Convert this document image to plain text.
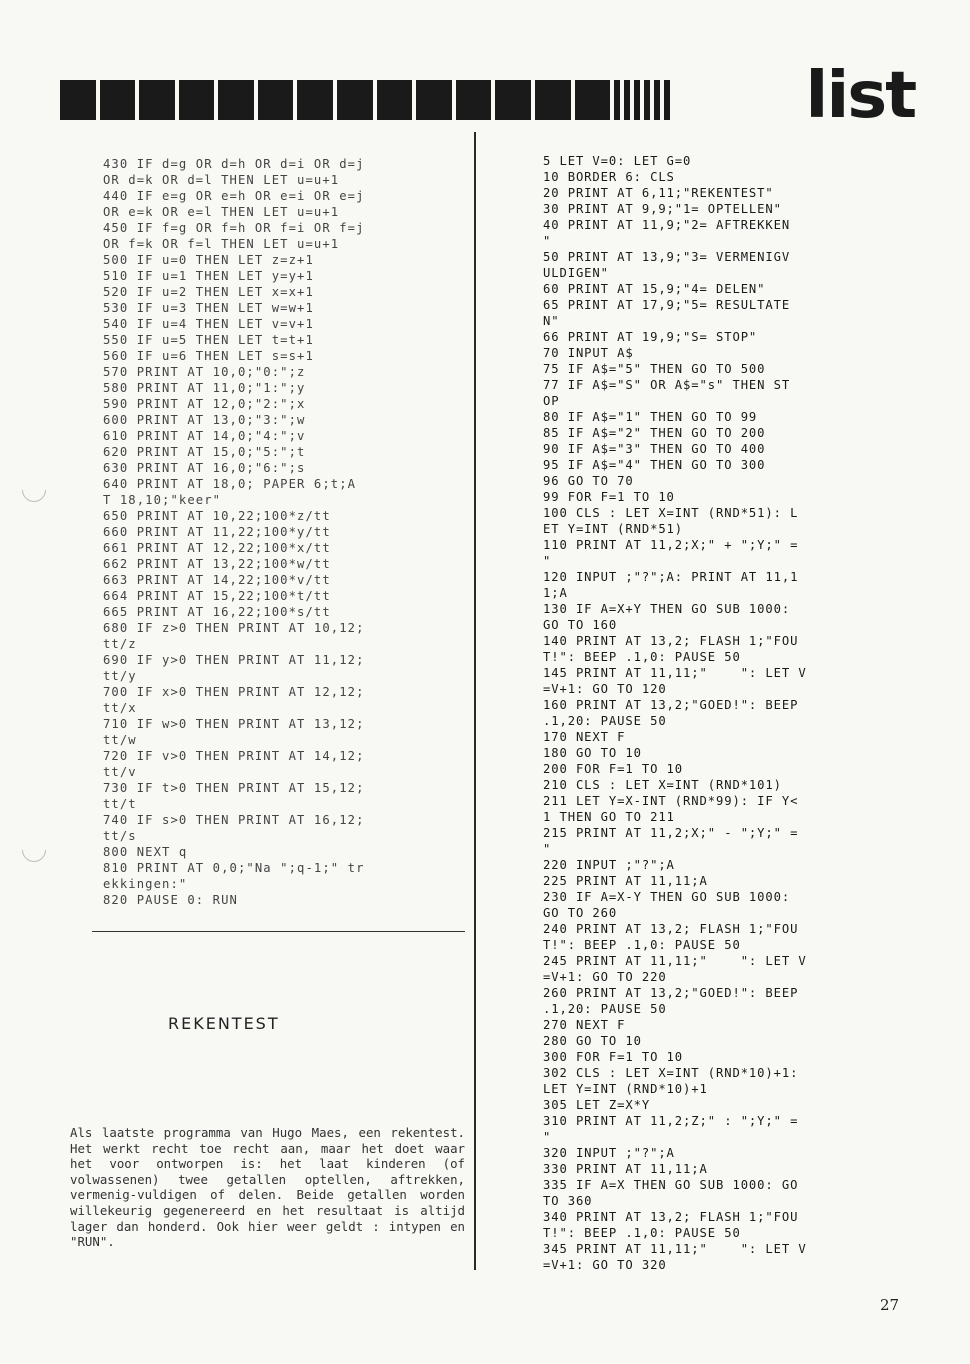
list
430 IF d=g OR d=h OR d=i OR d=j
OR d=k OR d=l THEN LET u=u+1
440 IF e=g OR e=h OR e=i OR e=j
OR e=k OR e=l THEN LET u=u+1
450 IF f=g OR f=h OR f=i OR f=j
OR f=k OR f=l THEN LET u=u+1
500 IF u=0 THEN LET z=z+1
510 IF u=1 THEN LET y=y+1
520 IF u=2 THEN LET x=x+1
530 IF u=3 THEN LET w=w+1
540 IF u=4 THEN LET v=v+1
550 IF u=5 THEN LET t=t+1
560 IF u=6 THEN LET s=s+1
570 PRINT AT 10,0;"0:";z
580 PRINT AT 11,0;"1:";y
590 PRINT AT 12,0;"2:";x
600 PRINT AT 13,0;"3:";w
610 PRINT AT 14,0;"4:";v
620 PRINT AT 15,0;"5:";t
630 PRINT AT 16,0;"6:";s
640 PRINT AT 18,0; PAPER 6;t;A
T 18,10;"keer"
650 PRINT AT 10,22;100*z/tt
660 PRINT AT 11,22;100*y/tt
661 PRINT AT 12,22;100*x/tt
662 PRINT AT 13,22;100*w/tt
663 PRINT AT 14,22;100*v/tt
664 PRINT AT 15,22;100*t/tt
665 PRINT AT 16,22;100*s/tt
680 IF z>0 THEN PRINT AT 10,12;
tt/z
690 IF y>0 THEN PRINT AT 11,12;
tt/y
700 IF x>0 THEN PRINT AT 12,12;
tt/x
710 IF w>0 THEN PRINT AT 13,12;
tt/w
720 IF v>0 THEN PRINT AT 14,12;
tt/v
730 IF t>0 THEN PRINT AT 15,12;
tt/t
740 IF s>0 THEN PRINT AT 16,12;
tt/s
800 NEXT q
810 PRINT AT 0,0;"Na ";q-1;" tr
ekkingen:"
820 PAUSE 0: RUN
REKENTEST

Als laatste programma van Hugo Maes, een rekentest. Het werkt recht toe recht aan, maar het doet waar het voor ontworpen is: het laat kinderen (of volwassenen) twee getallen optellen, aftrekken, vermenig-vuldigen of delen. Beide getallen worden willekeurig gegenereerd en het resultaat is altijd lager dan honderd. Ook hier weer geldt : intypen en "RUN".

5 LET V=0: LET G=0
10 BORDER 6: CLS
20 PRINT AT 6,11;"REKENTEST"
30 PRINT AT 9,9;"1= OPTELLEN"
40 PRINT AT 11,9;"2= AFTREKKEN
"
50 PRINT AT 13,9;"3= VERMENIGV
ULDIGEN"
60 PRINT AT 15,9;"4= DELEN"
65 PRINT AT 17,9;"5= RESULTATE
N"
66 PRINT AT 19,9;"S= STOP"
70 INPUT A$
75 IF A$="5" THEN GO TO 500
77 IF A$="S" OR A$="s" THEN ST
OP
80 IF A$="1" THEN GO TO 99
85 IF A$="2" THEN GO TO 200
90 IF A$="3" THEN GO TO 400
95 IF A$="4" THEN GO TO 300
96 GO TO 70
99 FOR F=1 TO 10
100 CLS : LET X=INT (RND*51): L
ET Y=INT (RND*51)
110 PRINT AT 11,2;X;" + ";Y;" =
"
120 INPUT ;"?";A: PRINT AT 11,1
1;A
130 IF A=X+Y THEN GO SUB 1000:
GO TO 160
140 PRINT AT 13,2; FLASH 1;"FOU
T!": BEEP .1,0: PAUSE 50
145 PRINT AT 11,11;"    ": LET V
=V+1: GO TO 120
160 PRINT AT 13,2;"GOED!": BEEP
.1,20: PAUSE 50
170 NEXT F
180 GO TO 10
200 FOR F=1 TO 10
210 CLS : LET X=INT (RND*101)
211 LET Y=X-INT (RND*99): IF Y<
1 THEN GO TO 211
215 PRINT AT 11,2;X;" - ";Y;" =
"
220 INPUT ;"?";A
225 PRINT AT 11,11;A
230 IF A=X-Y THEN GO SUB 1000:
GO TO 260
240 PRINT AT 13,2; FLASH 1;"FOU
T!": BEEP .1,0: PAUSE 50
245 PRINT AT 11,11;"    ": LET V
=V+1: GO TO 220
260 PRINT AT 13,2;"GOED!": BEEP
.1,20: PAUSE 50
270 NEXT F
280 GO TO 10
300 FOR F=1 TO 10
302 CLS : LET X=INT (RND*10)+1:
LET Y=INT (RND*10)+1
305 LET Z=X*Y
310 PRINT AT 11,2;Z;" : ";Y;" =
"
320 INPUT ;"?";A
330 PRINT AT 11,11;A
335 IF A=X THEN GO SUB 1000: GO
TO 360
340 PRINT AT 13,2; FLASH 1;"FOU
T!": BEEP .1,0: PAUSE 50
345 PRINT AT 11,11;"    ": LET V
=V+1: GO TO 320
27
